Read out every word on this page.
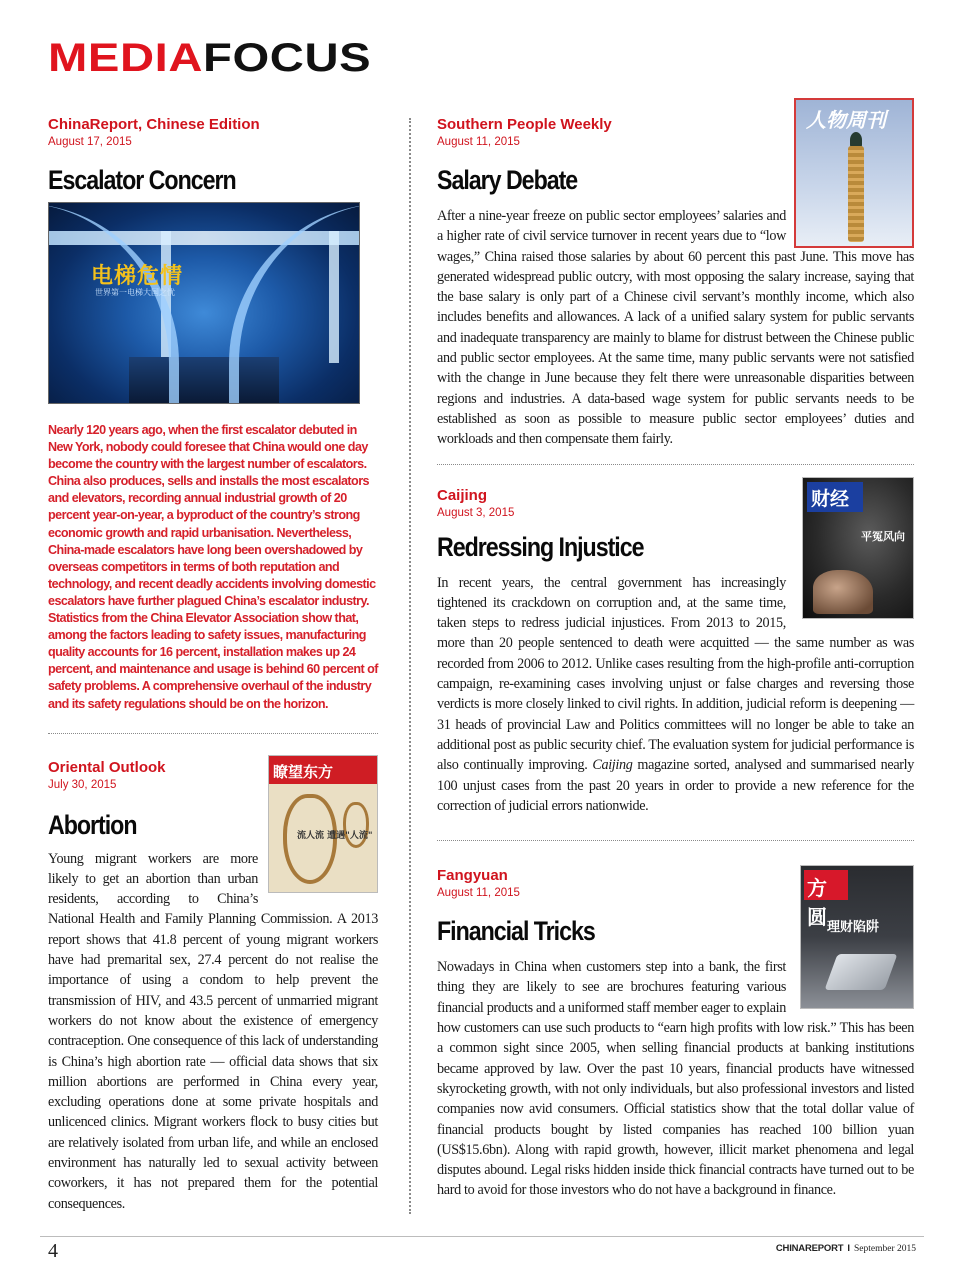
MEDIAFOCUS
ChinaReport, Chinese Edition
August 17, 2015
Escalator Concern
电梯危情
世界第一电梯大国之忧
Nearly 120 years ago, when the first escalator debuted in New York, nobody could foresee that China would one day become the country with the largest number of escalators. China also produces, sells and installs the most escalators and elevators, recording annual industrial growth of 20 percent year-on-year, a byproduct of the country’s strong economic growth and rapid urbanisation. Nevertheless, China-made escalators have long been overshadowed by overseas competitors in terms of both reputation and technology, and recent deadly accidents involving domestic escalators have further plagued China’s escalator industry. Statistics from the China Elevator Association show that, among the factors leading to safety issues, manufacturing quality accounts for 16 percent, installation makes up 24 percent, and maintenance and usage is behind 60 percent of safety problems. A comprehensive overhaul of the industry and its safety regulations should be on the horizon.
瞭望东方
流人流 遭遇"人流"
Oriental Outlook
July 30, 2015
Abortion
Young migrant workers are more likely to get an abortion than urban residents, according to China’s National Health and Family Planning Commission. A 2013 report shows that 41.8 percent of young migrant workers have had premarital sex, 27.4 percent do not realise the importance of using a condom to help prevent the transmission of HIV, and 43.5 percent of unmarried migrant workers do not know about the existence of emergency contraception. One consequence of this lack of understanding is China’s high abortion rate — official data shows that six million abortions are performed in China every year, excluding operations done at some private hospitals and unlicenced clinics. Migrant workers flock to busy cities but are relatively isolated from urban life, and while an enclosed environment has naturally led to sexual activity between coworkers, it has not prepared them for the potential consequences.
人物周刊
Southern People Weekly
August 11, 2015
Salary Debate
After a nine-year freeze on public sector employees’ salaries and a higher rate of civil service turnover in recent years due to “low wages,” China raised those salaries by about 60 percent this past June. This move has generated widespread public outcry, with most opposing the salary increase, saying that the base salary is only part of a Chinese civil servant’s monthly income, which also includes benefits and allowances. A lack of a unified salary system for public servants and inadequate transparency are mainly to blame for distrust between the Chinese public and public sector employees. At the same time, many public servants were not satisfied with the change in June because they felt there were unreasonable disparities between regions and industries. A data-based wage system for public servants needs to be established as soon as possible to measure public sector employees’ duties and workloads and then compensate them fairly.
财经
平冤风向
Caijing
August 3, 2015
Redressing Injustice
In recent years, the central government has increasingly tightened its crackdown on corruption and, at the same time, taken steps to redress judicial injustices. From 2013 to 2015, more than 20 people sentenced to death were acquitted — the same number as was recorded from 2006 to 2012. Unlike cases resulting from the high-profile anti-corruption campaign, re-examining cases involving unjust or false charges and reversing those verdicts is more closely linked to civil rights. In addition, judicial reform is deepening — 31 heads of provincial Law and Politics committees will no longer be able to take an additional post as public security chief. The evaluation system for judicial performance is also continually improving. Caijing magazine sorted, analysed and summarised nearly 100 unjust cases from the past 20 years in order to provide a new reference for the correction of judicial errors nationwide.
方圆 理财陷阱
Fangyuan
August 11, 2015
Financial Tricks
Nowadays in China when customers step into a bank, the first thing they are likely to see are brochures featuring various financial products and a uniformed staff member eager to explain how customers can use such products to “earn high profits with low risk.” This has been a common sight since 2005, when selling financial products at banking institutions became approved by law. Over the past 10 years, financial products have witnessed skyrocketing growth, with not only individuals, but also professional investors and listed companies now avid consumers. Official statistics show that the total dollar value of financial products bought by listed companies has reached 100 billion yuan (US$15.6bn). Along with rapid growth, however, illicit market phenomena and legal disputes abound. Legal risks hidden inside thick financial contracts have turned out to be hard to avoid for those investors who do not have a background in finance.
4	CHINAREPORT I September 2015
